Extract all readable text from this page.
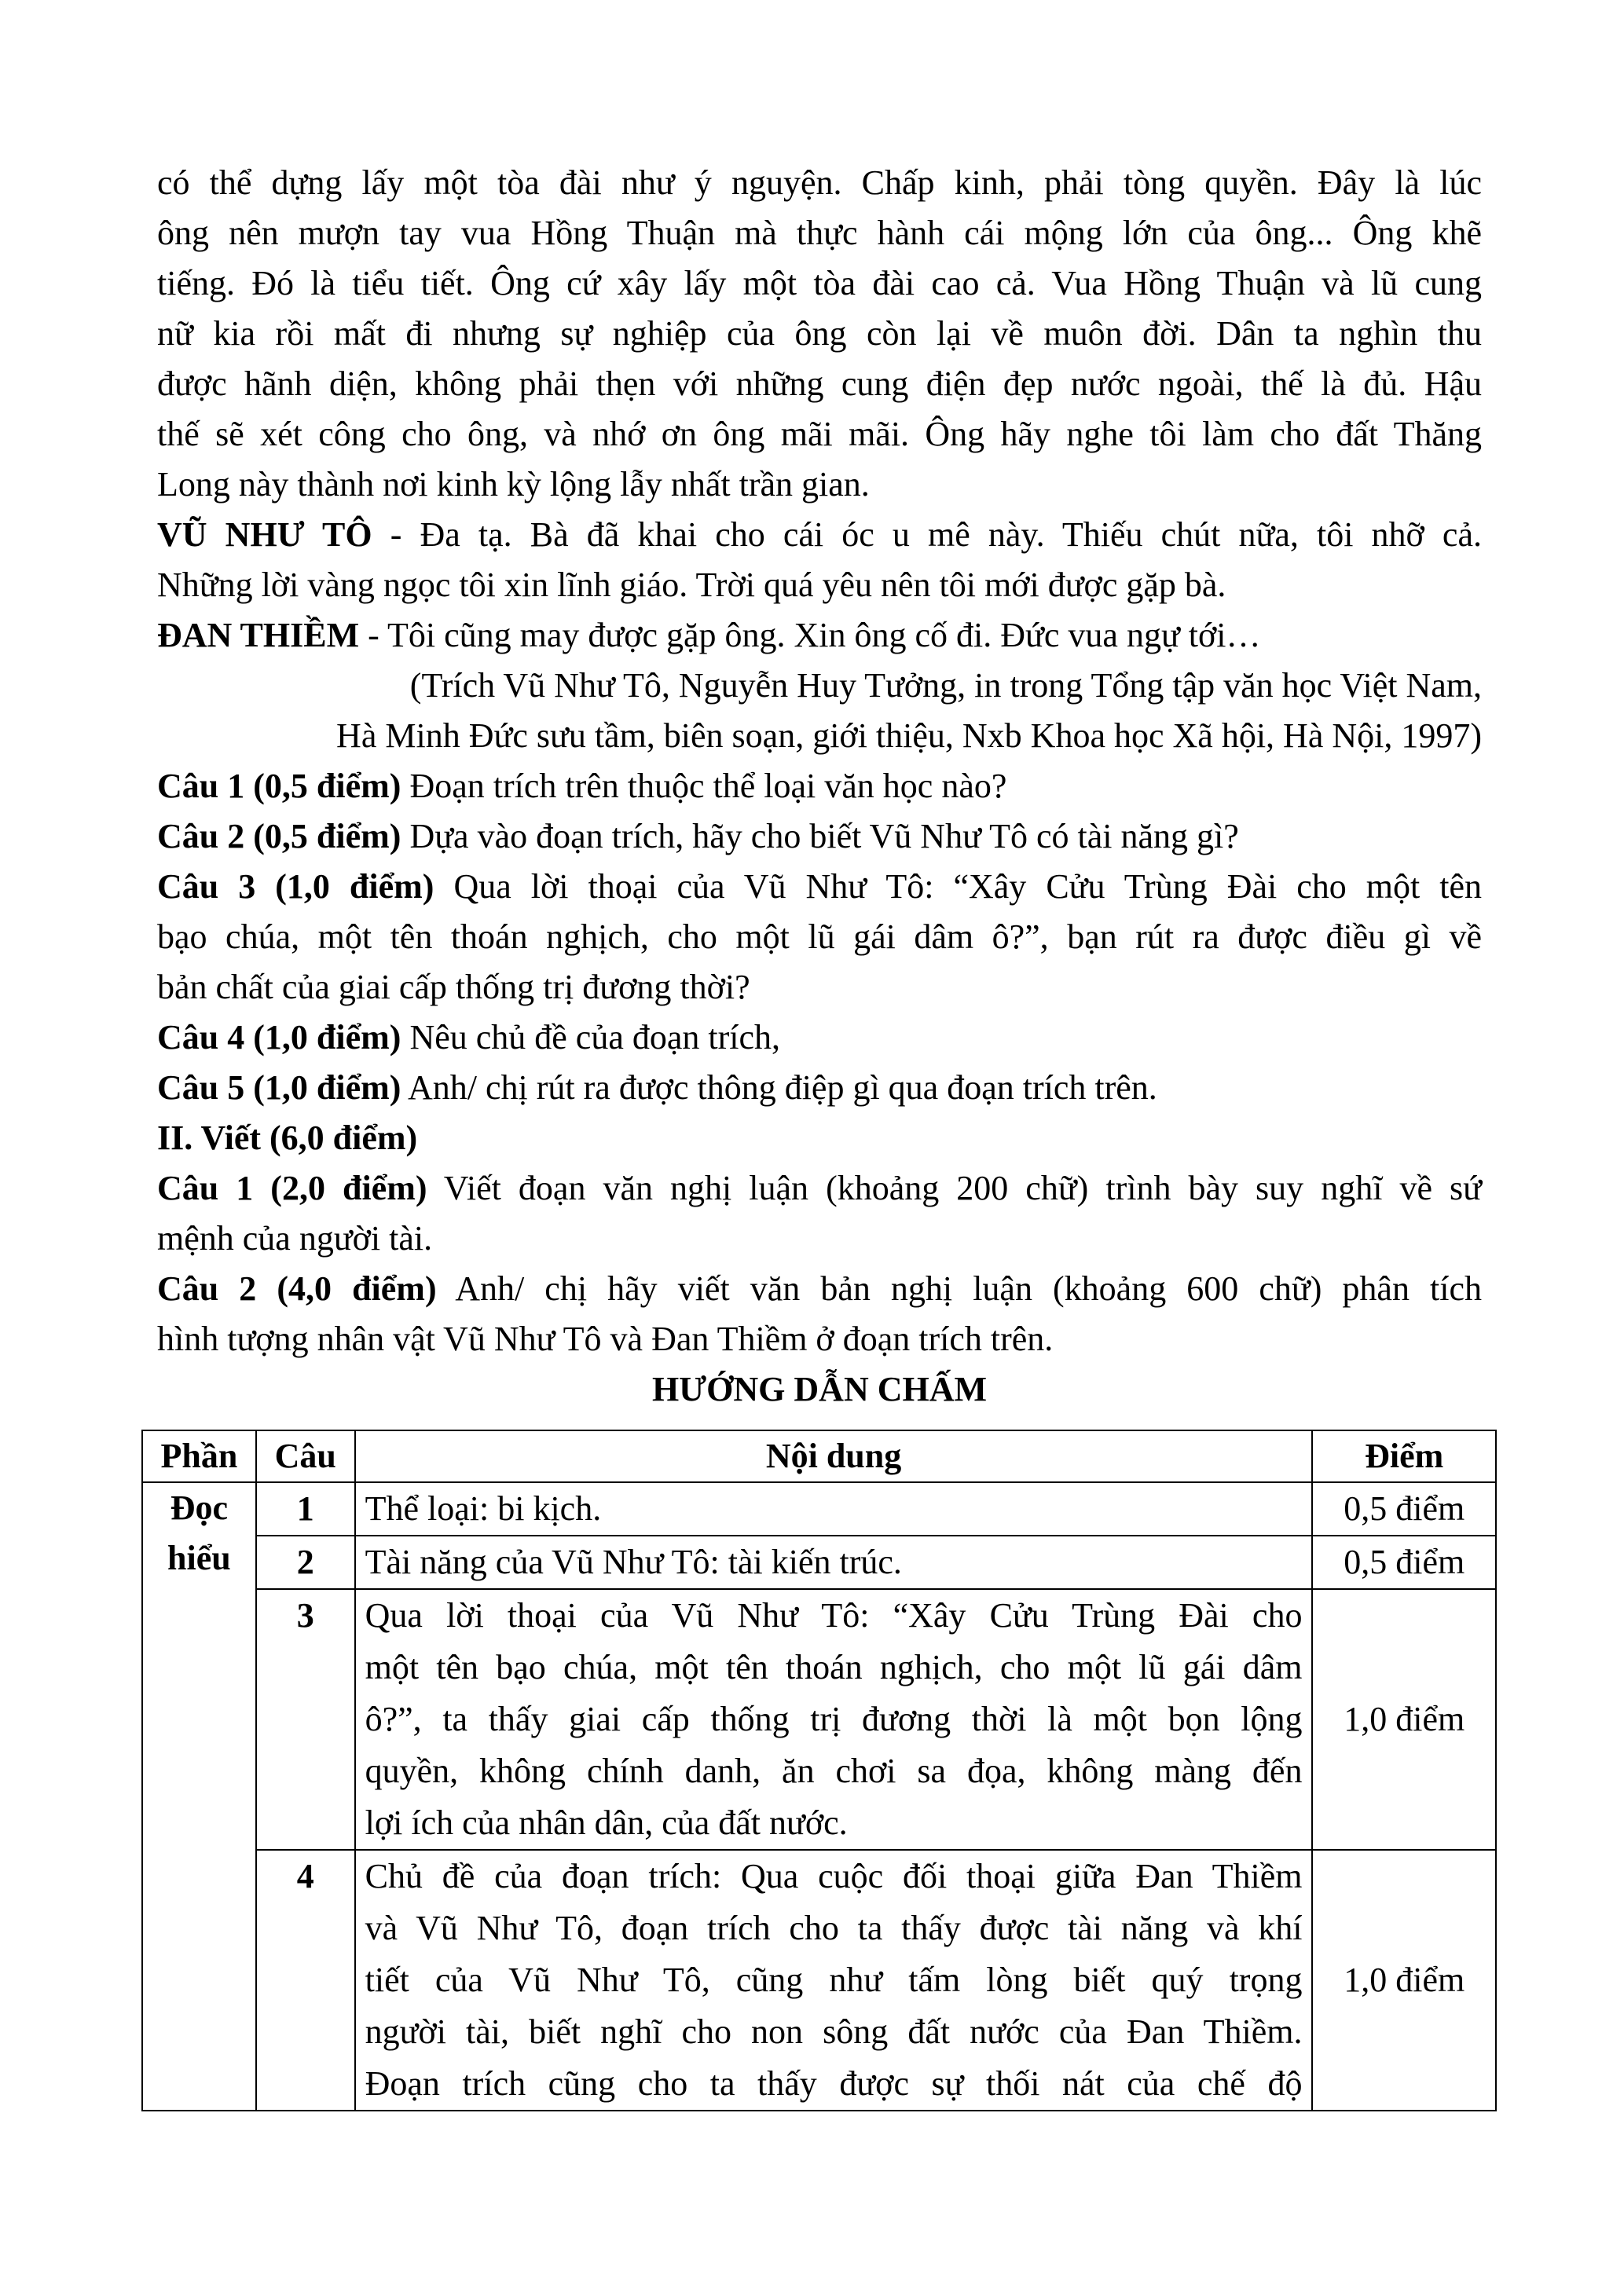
có thể dựng lấy một tòa đài như ý nguyện. Chấp kinh, phải tòng quyền. Đây là lúc
ông nên mượn tay vua Hồng Thuận mà thực hành cái mộng lớn của ông... Ông khẽ
tiếng. Đó là tiểu tiết. Ông cứ xây lấy một tòa đài cao cả. Vua Hồng Thuận và lũ cung
nữ kia rồi mất đi nhưng sự nghiệp của ông còn lại về muôn đời. Dân ta nghìn thu
được hãnh diện, không phải thẹn với những cung điện đẹp nước ngoài, thế là đủ. Hậu
thế sẽ xét công cho ông, và nhớ ơn ông mãi mãi. Ông hãy nghe tôi làm cho đất Thăng
Long này thành nơi kinh kỳ lộng lẫy nhất trần gian.
VŨ NHƯ TÔ - Đa tạ. Bà đã khai cho cái óc u mê này. Thiếu chút nữa, tôi nhỡ cả.
Những lời vàng ngọc tôi xin lĩnh giáo. Trời quá yêu nên tôi mới được gặp bà.
ĐAN THIỀM - Tôi cũng may được gặp ông. Xin ông cố đi. Đức vua ngự tới…
(Trích Vũ Như Tô, Nguyễn Huy Tưởng, in trong Tổng tập văn học Việt Nam,
Hà Minh Đức sưu tầm, biên soạn, giới thiệu, Nxb Khoa học Xã hội, Hà Nội, 1997)
Câu 1 (0,5 điểm) Đoạn trích trên thuộc thể loại văn học nào?
Câu 2 (0,5 điểm) Dựa vào đoạn trích, hãy cho biết Vũ Như Tô có tài năng gì?
Câu 3 (1,0 điểm) Qua lời thoại của Vũ Như Tô: “Xây Cửu Trùng Đài cho một tên
bạo chúa, một tên thoán nghịch, cho một lũ gái dâm ô?”, bạn rút ra được điều gì về
bản chất của giai cấp thống trị đương thời?
Câu 4 (1,0 điểm) Nêu chủ đề của đoạn trích,
Câu 5 (1,0 điểm) Anh/ chị rút ra được thông điệp gì qua đoạn trích trên.
II. Viết (6,0 điểm)
Câu 1 (2,0 điểm) Viết đoạn văn nghị luận (khoảng 200 chữ) trình bày suy nghĩ về sứ
mệnh của người tài.
Câu 2 (4,0 điểm) Anh/ chị hãy viết văn bản nghị luận (khoảng 600 chữ) phân tích
hình tượng nhân vật Vũ Như Tô và Đan Thiềm ở đoạn trích trên.
HƯỚNG DẪN CHẤM
Phần	Câu	Nội dung	Điểm

Đọc
hiểu	1	Thể loại: bi kịch.	0,5 điểm

	2	Tài năng của Vũ Như Tô: tài kiến trúc.	0,5 điểm

	3	Qua lời thoại của Vũ Như Tô: “Xây Cửu Trùng Đài cho
một tên bạo chúa, một tên thoán nghịch, cho một lũ gái dâm
ô?”, ta thấy giai cấp thống trị đương thời là một bọn lộng
quyền, không chính danh, ăn chơi sa đọa, không màng đến
lợi ích của nhân dân, của đất nước.	1,0 điểm

	4	Chủ đề của đoạn trích: Qua cuộc đối thoại giữa Đan Thiềm
và Vũ Như Tô, đoạn trích cho ta thấy được tài năng và khí
tiết của Vũ Như Tô, cũng như tấm lòng biết quý trọng
người tài, biết nghĩ cho non sông đất nước của Đan Thiềm.
Đoạn trích cũng cho ta thấy được sự thối nát của chế độ	1,0 điểm
